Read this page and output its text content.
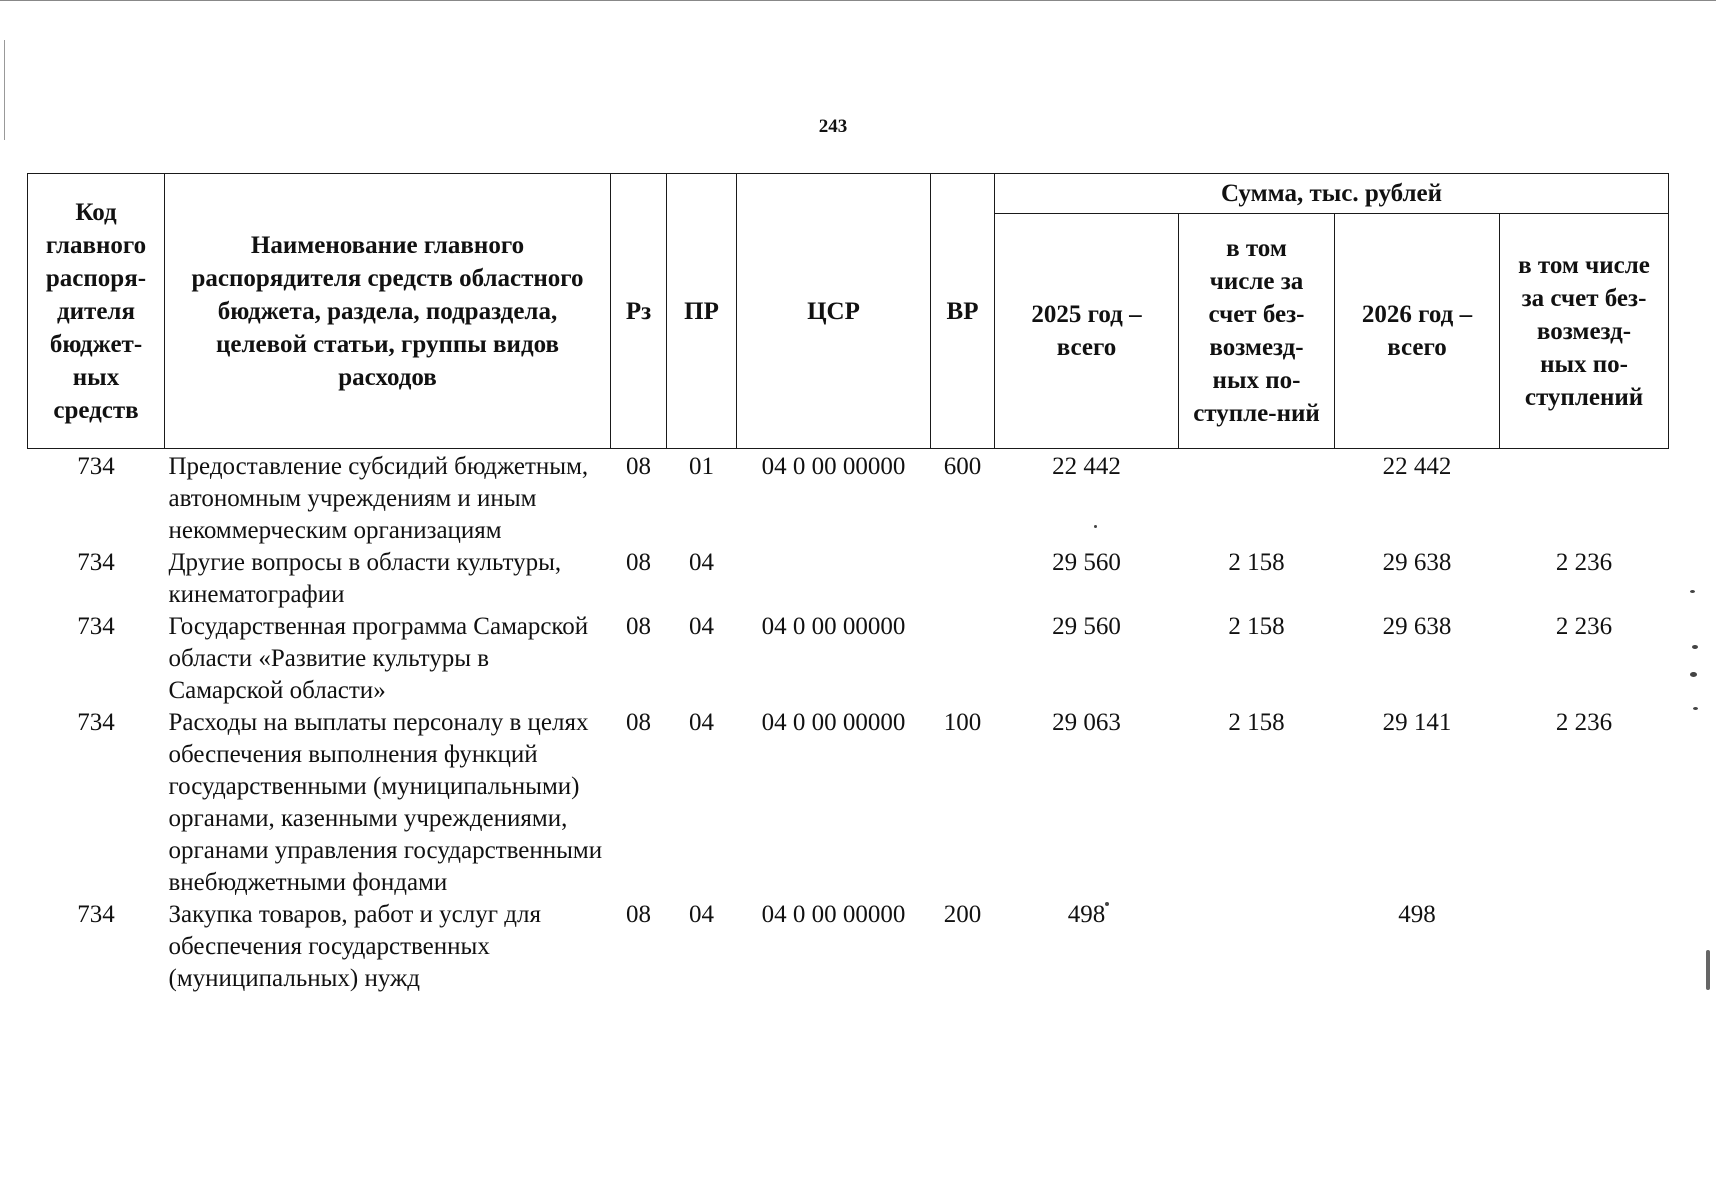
243
Код главного распоря-дителя бюджет-ных средств	Наименование главного распорядителя средств областного бюджета, раздела, подраздела, целевой статьи, группы видов расходов	Рз	ПР	ЦСР	ВР	Сумма, тыс. рублей			
						2025 год – всего	в том числе за счет без-возмезд-ных по-ступле-ний	2026 год – всего	в том числе за счет без-возмезд-ных по-ступлений
734	Предоставление субсидий бюджетным, автономным учреждениям и иным некоммерческим организациям	08	01	04 0 00 00000	600	22 442		22 442	
734	Другие вопросы в области культуры, кинематографии	08	04			29 560	2 158	29 638	2 236
734	Государственная программа Самарской области «Развитие культуры в Самарской области»	08	04	04 0 00 00000		29 560	2 158	29 638	2 236
734	Расходы на выплаты персоналу в целях обеспечения выполнения функций государственными (муниципальными) органами, казенными учреждениями, органами управления государственными внебюджетными фондами	08	04	04 0 00 00000	100	29 063	2 158	29 141	2 236
734	Закупка товаров, работ и услуг для обеспечения государственных (муниципальных) нужд	08	04	04 0 00 00000	200	498		498	
